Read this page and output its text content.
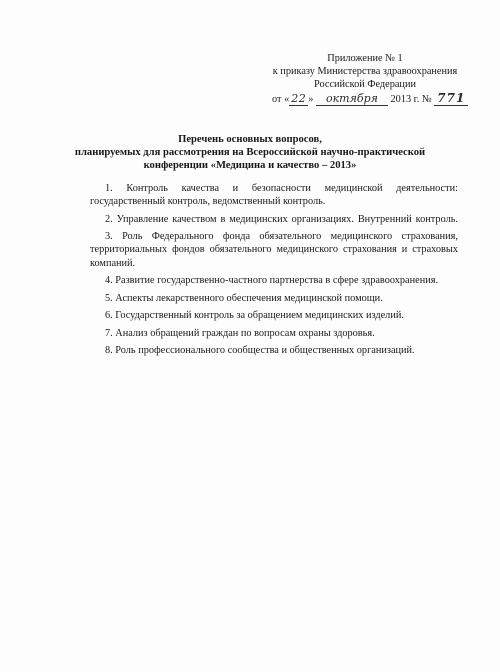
Приложение № 1
к приказу Министерства здравоохранения
Российской Федерации
от « 22 » октября 2013 г. № 771
Перечень основных вопросов,
планируемых для рассмотрения на Всероссийской научно-практической
конференции «Медицина и качество – 2013»
1. Контроль качества и безопасности медицинской деятельности:
государственный контроль, ведомственный контроль.
2. Управление качеством в медицинских организациях. Внутренний контроль.
3. Роль Федерального фонда обязательного медицинского страхования,
территориальных фондов обязательного медицинского страхования и страховых
компаний.
4. Развитие государственно-частного партнерства в сфере здравоохранения.
5. Аспекты лекарственного обеспечения медицинской помощи.
6. Государственный контроль за обращением медицинских изделий.
7. Анализ обращений граждан по вопросам охраны здоровья.
8. Роль профессионального сообщества и общественных организаций.
